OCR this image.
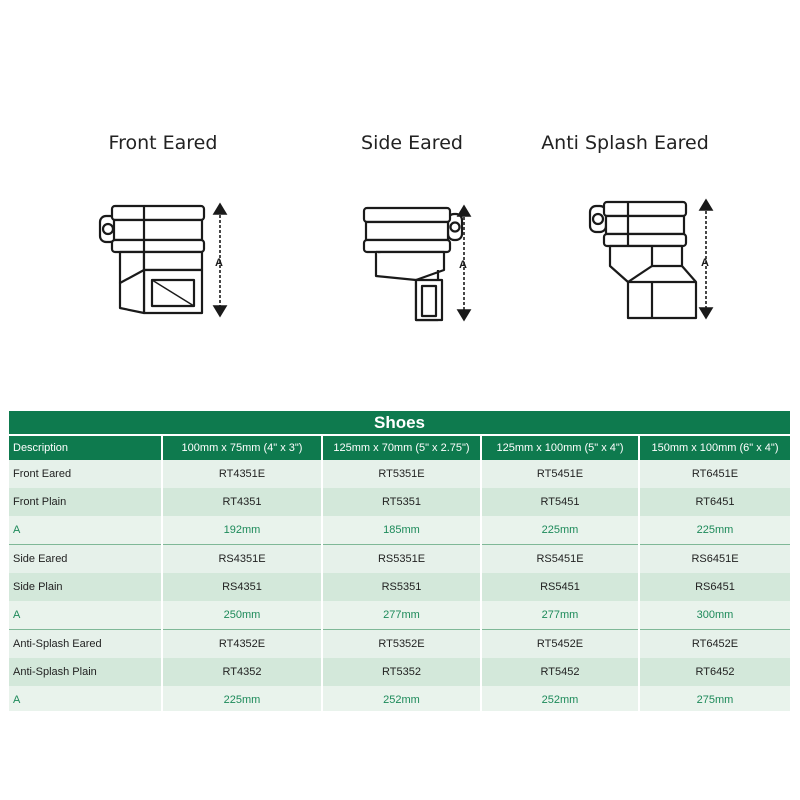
Front Eared	Side Eared	Anti Splash Eared
A	A	A
Shoes
Description	100mm x 75mm (4" x 3")	125mm x 70mm (5" x 2.75")	125mm x 100mm (5" x 4")	150mm x 100mm (6" x 4")
Front Eared	RT4351E	RT5351E	RT5451E	RT6451E
Front Plain	RT4351	RT5351	RT5451	RT6451
A	192mm	185mm	225mm	225mm
Side Eared	RS4351E	RS5351E	RS5451E	RS6451E
Side Plain	RS4351	RS5351	RS5451	RS6451
A	250mm	277mm	277mm	300mm
Anti-Splash Eared	RT4352E	RT5352E	RT5452E	RT6452E
Anti-Splash Plain	RT4352	RT5352	RT5452	RT6452
A	225mm	252mm	252mm	275mm
